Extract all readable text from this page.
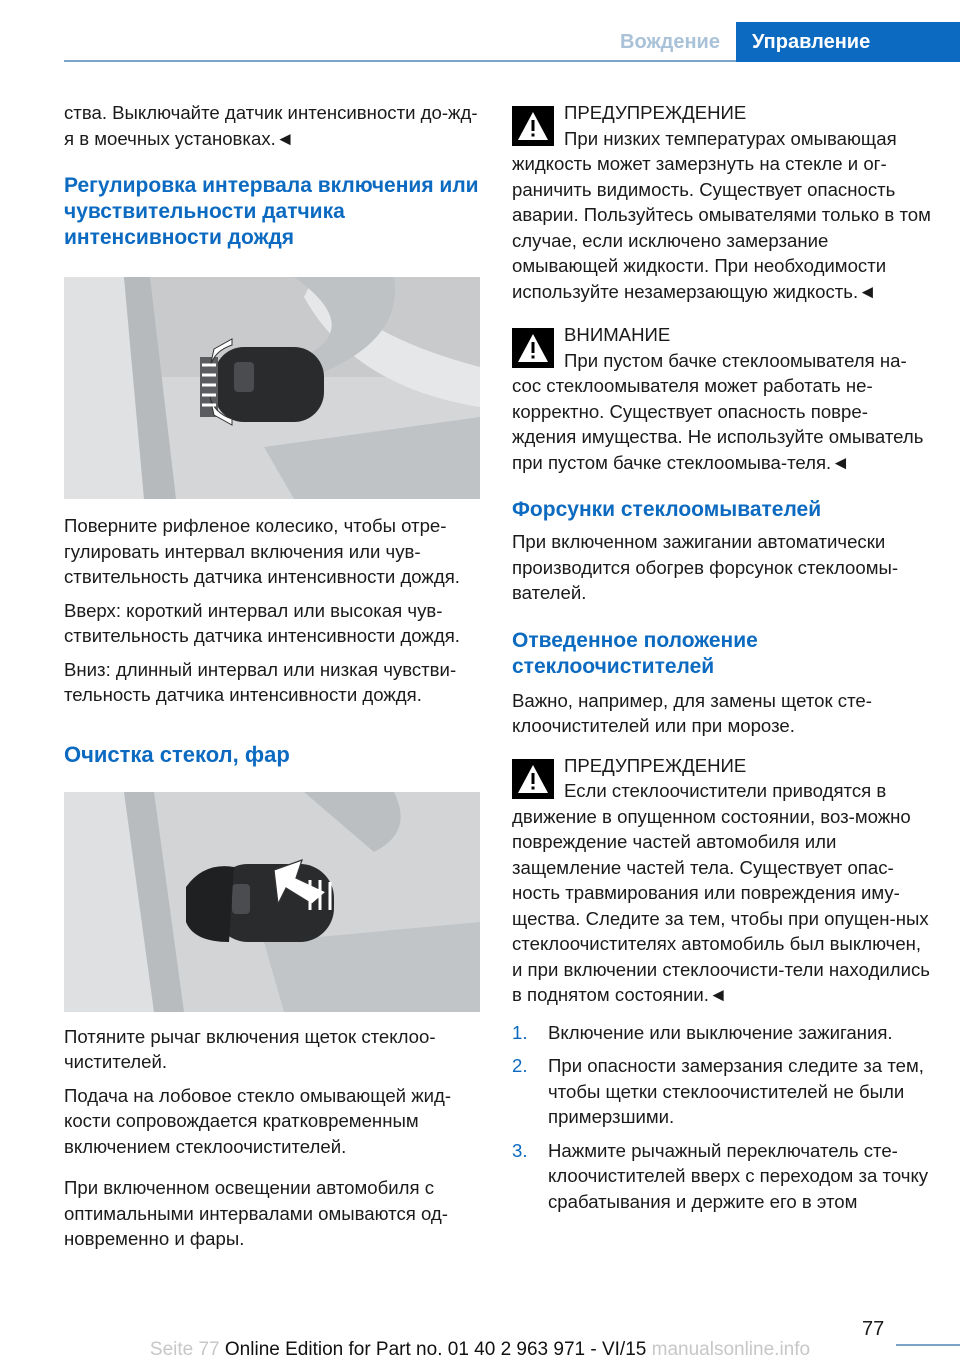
Вождение	Управление

ства. Выключайте датчик интенсивности до-ждя в моечных установках.◄

Регулировка интервала включения или чувствительности датчика интенсивности дождя

Поверните рифленое колесико, чтобы отре-гулировать интервал включения или чув-ствительность датчика интенсивности дождя.

Вверх: короткий интервал или высокая чув-ствительность датчика интенсивности дождя.

Вниз: длинный интервал или низкая чувстви-тельность датчика интенсивности дождя.

Очистка стекол, фар

Потяните рычаг включения щеток стеклоо-чистителей.

Подача на лобовое стекло омывающей жид-кости сопровождается кратковременным включением стеклоочистителей.

При включенном освещении автомобиля с оптимальными интервалами омываются од-новременно и фары.

ПРЕДУПРЕЖДЕНИЕ
При низких температурах омывающая
жидкость может замерзнуть на стекле и ог-раничить видимость. Существует опасность аварии. Пользуйтесь омывателями только в том случае, если исключено замерзание омывающей жидкости. При необходимости используйте незамерзающую жидкость.◄
ВНИМАНИЕ
При пустом бачке стеклоомывателя на-
сос стеклоомывателя может работать не-корректно. Существует опасность повре-ждения имущества. Не используйте омыватель при пустом бачке стеклоомыва-теля.◄
Форсунки стеклоомывателей

При включенном зажигании автоматически производится обогрев форсунок стеклоомы-вателей.

Отведенное положение стеклоочистителей

Важно, например, для замены щеток сте-клоочистителей или при морозе.

ПРЕДУПРЕЖДЕНИЕ
Если стеклоочистители приводятся в
движение в опущенном состоянии, воз-можно повреждение частей автомобиля или защемление частей тела. Существует опас-ность травмирования или повреждения иму-щества. Следите за тем, чтобы при опущен-ных стеклоочистителях автомобиль был выключен, и при включении стеклоочисти-тели находились в поднятом состоянии.◄
1. Включение или выключение зажигания.
2. При опасности замерзания следите за тем, чтобы щетки стеклоочистителей не были примерзшими.
3. Нажмите рычажный переключатель сте-клоочистителей вверх с переходом за точку срабатывания и держите его в этом
77
Seite 77 Online Edition for Part no. 01 40 2 963 971 - VI/15 manualsonline.info
